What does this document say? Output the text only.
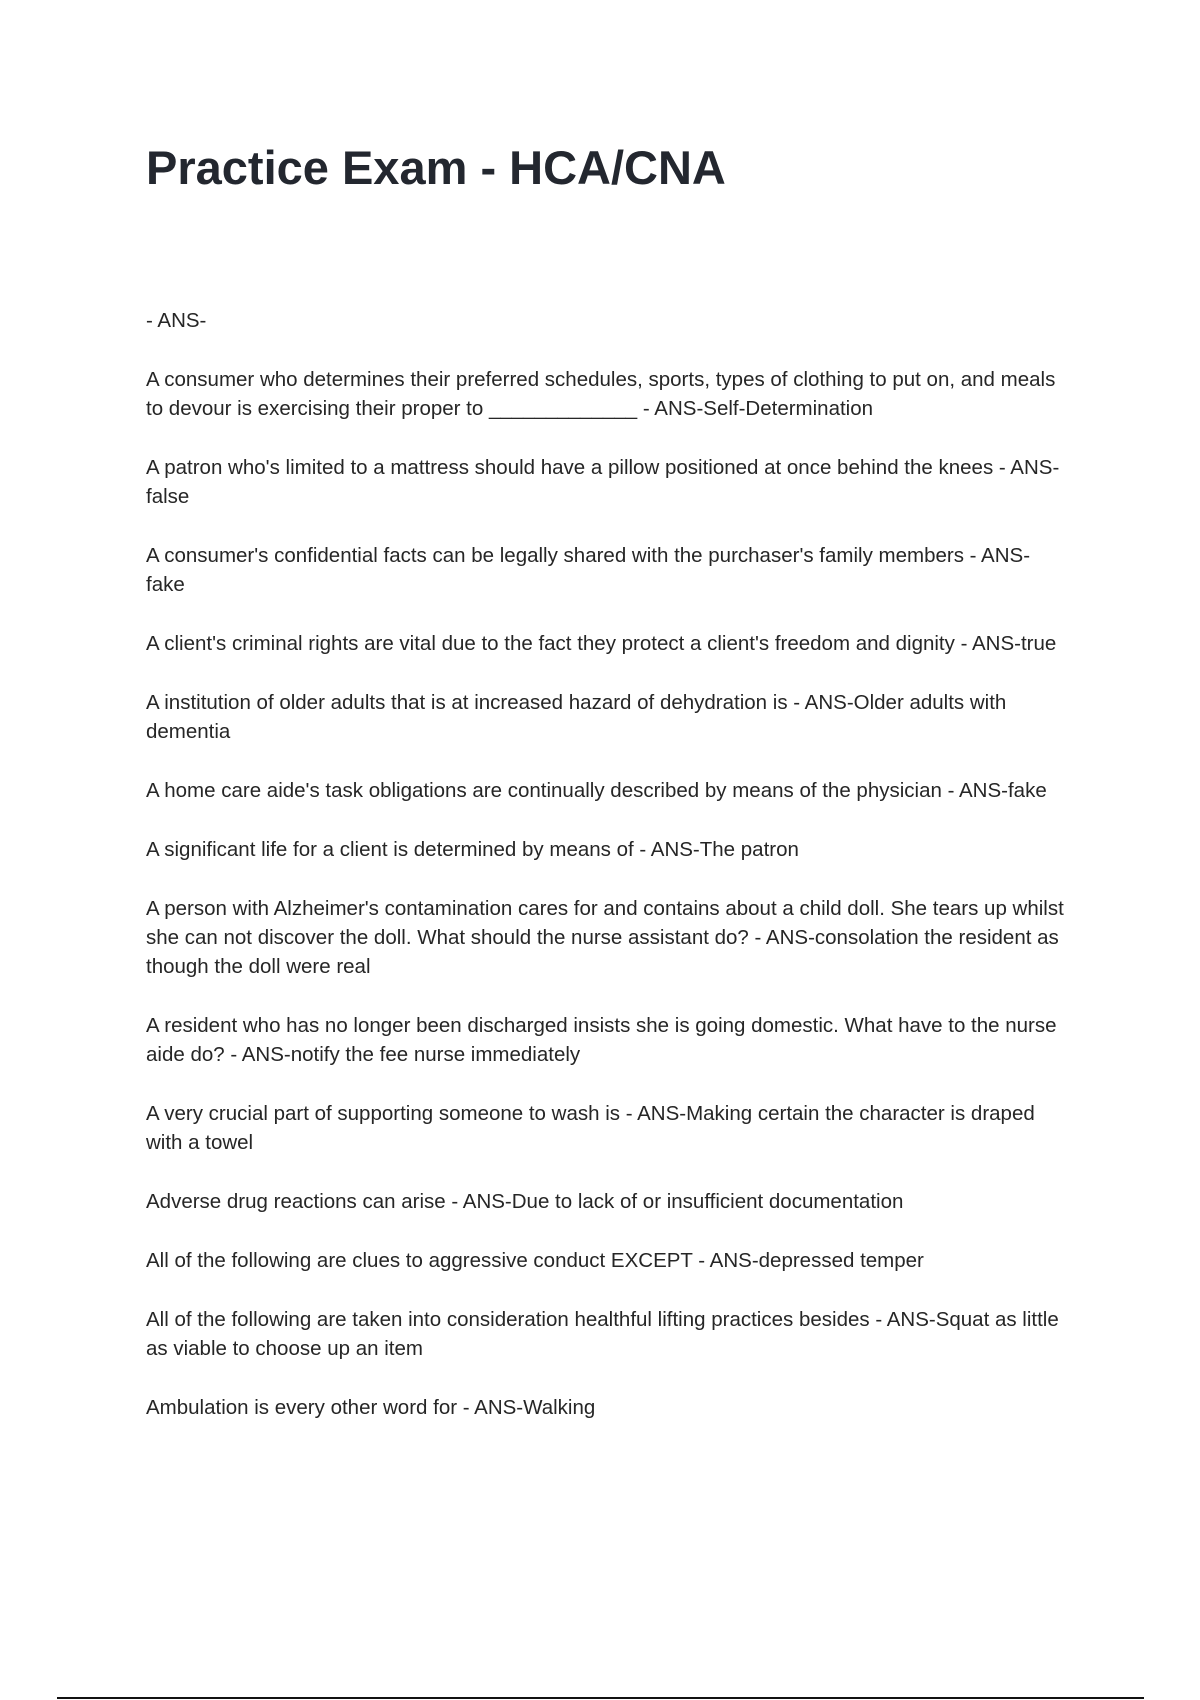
Practice Exam - HCA/CNA

- ANS-

A consumer who determines their preferred schedules, sports, types of clothing to put on, and meals to devour is exercising their proper to _____________ - ANS-Self-Determination

A patron who's limited to a mattress should have a pillow positioned at once behind the knees - ANS-false

A consumer's confidential facts can be legally shared with the purchaser's family members - ANS-fake

A client's criminal rights are vital due to the fact they protect a client's freedom and dignity - ANS-true

A institution of older adults that is at increased hazard of dehydration is - ANS-Older adults with dementia

A home care aide's task obligations are continually described by means of the physician - ANS-fake

A significant life for a client is determined by means of - ANS-The patron

A person with Alzheimer's contamination cares for and contains about a child doll. She tears up whilst she can not discover the doll. What should the nurse assistant do? - ANS-consolation the resident as though the doll were real

A resident who has no longer been discharged insists she is going domestic. What have to the nurse aide do? - ANS-notify the fee nurse immediately

A very crucial part of supporting someone to wash is - ANS-Making certain the character is draped with a towel

Adverse drug reactions can arise - ANS-Due to lack of or insufficient documentation

All of the following are clues to aggressive conduct EXCEPT - ANS-depressed temper

All of the following are taken into consideration healthful lifting practices besides - ANS-Squat as little as viable to choose up an item

Ambulation is every other word for - ANS-Walking
